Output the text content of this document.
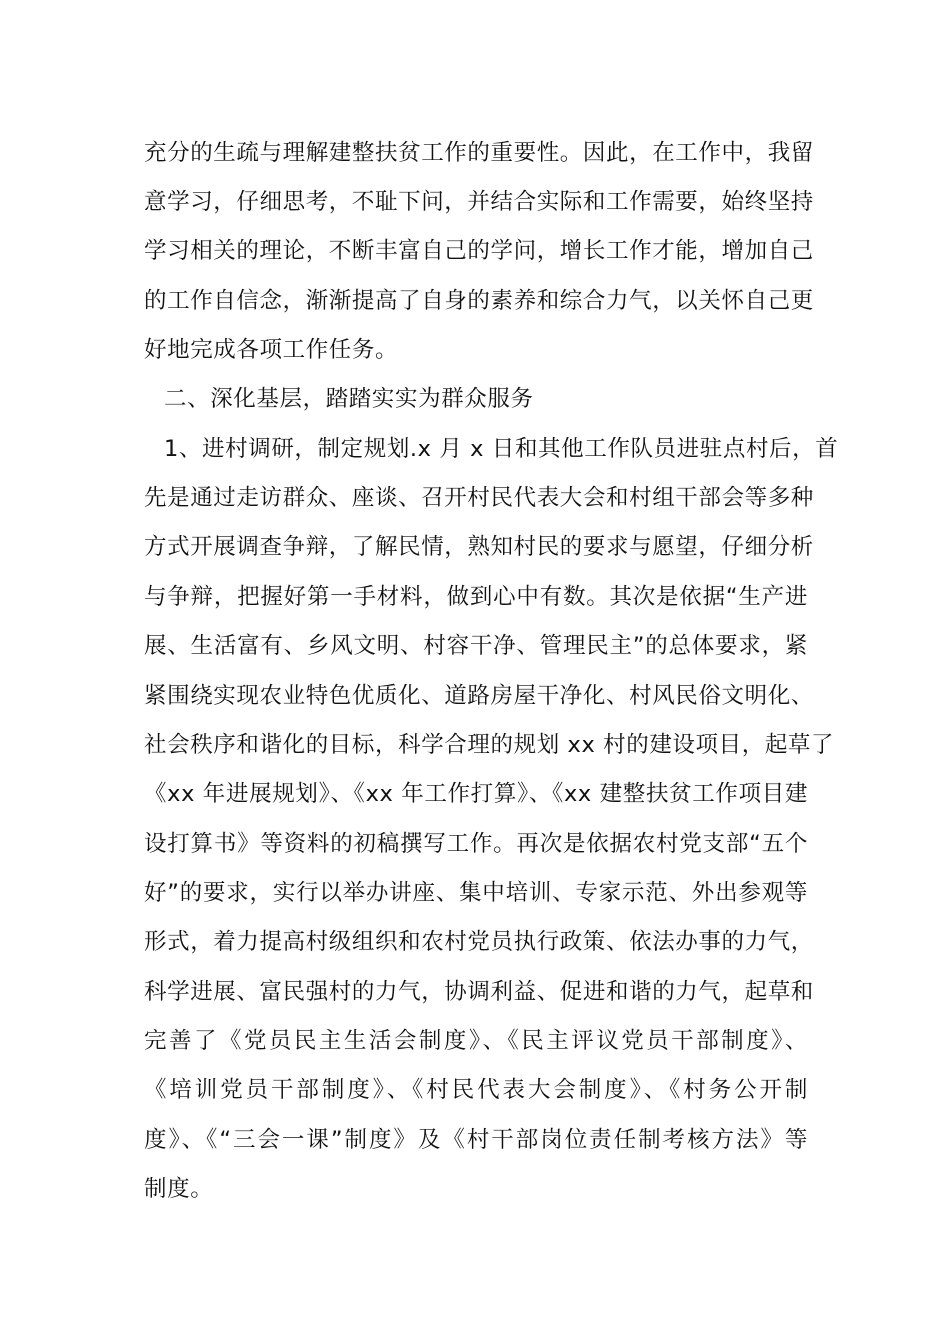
充分的生疏与理解建整扶贫工作的重要性。因此，在工作中，我留
意学习，仔细思考，不耻下问，并结合实际和工作需要，始终坚持
学习相关的理论，不断丰富自己的学问，增长工作才能，增加自己
的工作自信念，渐渐提高了自身的素养和综合力气，以关怀自己更
好地完成各项工作任务。
二、深化基层，踏踏实实为群众服务
1、进村调研，制定规划.x 月 x 日和其他工作队员进驻点村后，首
先是通过走访群众、座谈、召开村民代表大会和村组干部会等多种
方式开展调查争辩，了解民情，熟知村民的要求与愿望，仔细分析
与争辩，把握好第一手材料，做到心中有数。其次是依据“生产进
展、生活富有、乡风文明、村容干净、管理民主”的总体要求，紧
紧围绕实现农业特色优质化、道路房屋干净化、村风民俗文明化、
社会秩序和谐化的目标，科学合理的规划 xx 村的建设项目，起草了
《xx 年进展规划》、《xx 年工作打算》、《xx 建整扶贫工作项目建
设打算书》等资料的初稿撰写工作。再次是依据农村党支部“五个
好”的要求，实行以举办讲座、集中培训、专家示范、外出参观等
形式，着力提高村级组织和农村党员执行政策、依法办事的力气，
科学进展、富民强村的力气，协调利益、促进和谐的力气，起草和
完善了《党员民主生活会制度》、《民主评议党员干部制度》、
《培训党员干部制度》、《村民代表大会制度》、《村务公开制
度》、《“三会一课”制度》及《村干部岗位责任制考核方法》等
制度。
